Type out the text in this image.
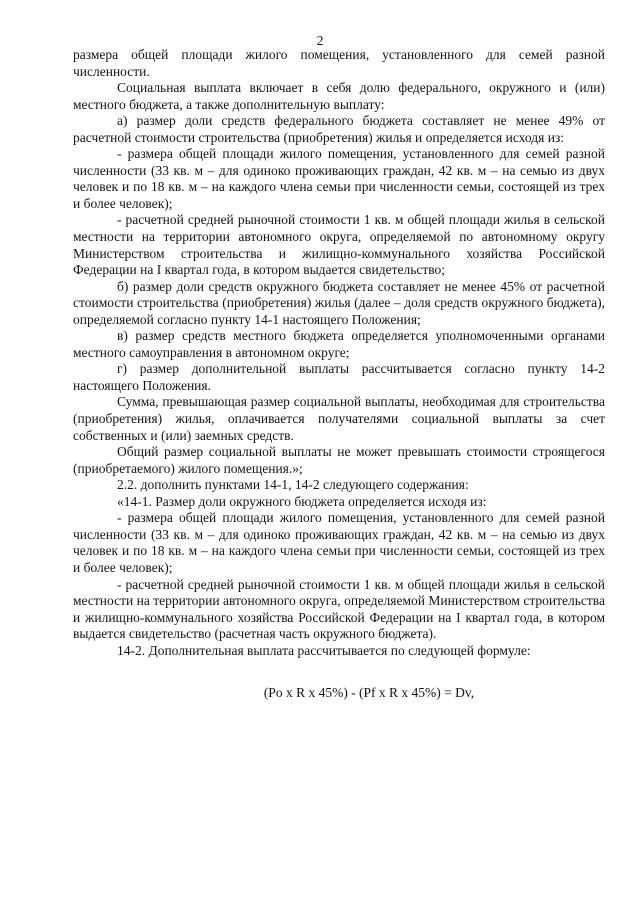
2

размера общей площади жилого помещения, установленного для семей разной численности.

Социальная выплата включает в себя долю федерального, окружного и (или) местного бюджета, а также дополнительную выплату:

а) размер доли средств федерального бюджета составляет не менее 49% от расчетной стоимости строительства (приобретения) жилья и определяется исходя из:

- размера общей площади жилого помещения, установленного для семей разной численности (33 кв. м – для одиноко проживающих граждан, 42 кв. м – на семью из двух человек и по 18 кв. м – на каждого члена семьи при численности семьи, состоящей из трех и более человек);

- расчетной средней рыночной стоимости 1 кв. м общей площади жилья в сельской местности на территории автономного округа, определяемой по автономному округу Министерством строительства и жилищно-коммунального хозяйства Российской Федерации на I квартал года, в котором выдается свидетельство;

б) размер доли средств окружного бюджета составляет не менее 45% от расчетной стоимости строительства (приобретения) жилья (далее – доля средств окружного бюджета), определяемой согласно пункту 14-1 настоящего Положения;

в) размер средств местного бюджета определяется уполномоченными органами местного самоуправления в автономном округе;

г) размер дополнительной выплаты рассчитывается согласно пункту 14-2 настоящего Положения.

Сумма, превышающая размер социальной выплаты, необходимая для строительства (приобретения) жилья, оплачивается получателями социальной выплаты за счет собственных и (или) заемных средств.

Общий размер социальной выплаты не может превышать стоимости строящегося (приобретаемого) жилого помещения.»;

2.2. дополнить пунктами 14-1, 14-2 следующего содержания:

«14-1. Размер доли окружного бюджета определяется исходя из:

- размера общей площади жилого помещения, установленного для семей разной численности (33 кв. м – для одиноко проживающих граждан, 42 кв. м – на семью из двух человек и по 18 кв. м – на каждого члена семьи при численности семьи, состоящей из трех и более человек);

- расчетной средней рыночной стоимости 1 кв. м общей площади жилья в сельской местности на территории автономного округа, определяемой Министерством строительства и жилищно-коммунального хозяйства Российской Федерации на I квартал года, в котором выдается свидетельство (расчетная часть окружного бюджета).

14-2. Дополнительная выплата рассчитывается по следующей формуле:

(Po x R x 45%) - (Pf x R x 45%) = Dv,
